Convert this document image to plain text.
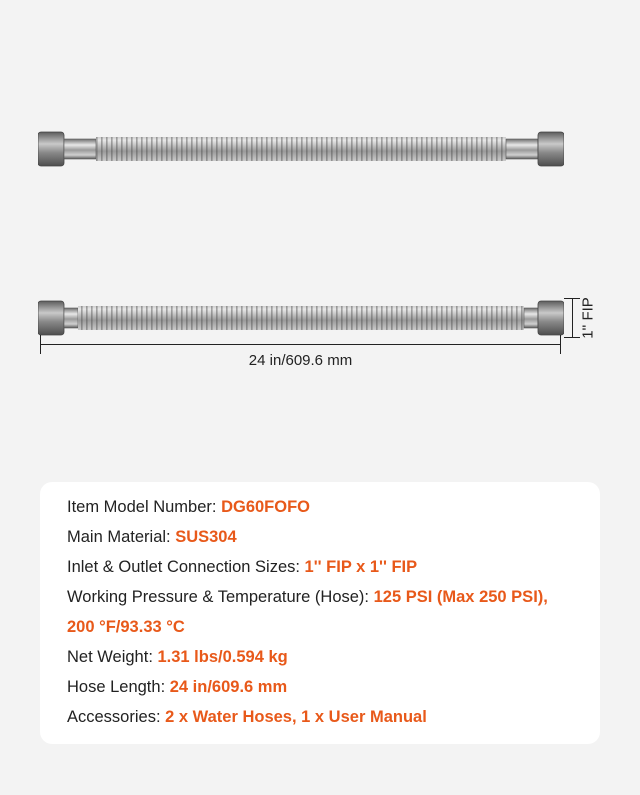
24 in/609.6 mm
1'' FIP
Item Model Number: DG60FOFO
Main Material: SUS304
Inlet & Outlet Connection Sizes: 1'' FIP x 1'' FIP
Working Pressure & Temperature (Hose): 125 PSI (Max 250 PSI),
200 °F/93.33 °C
Net Weight: 1.31 lbs/0.594 kg
Hose Length: 24 in/609.6 mm
Accessories: 2 x Water Hoses, 1 x User Manual
